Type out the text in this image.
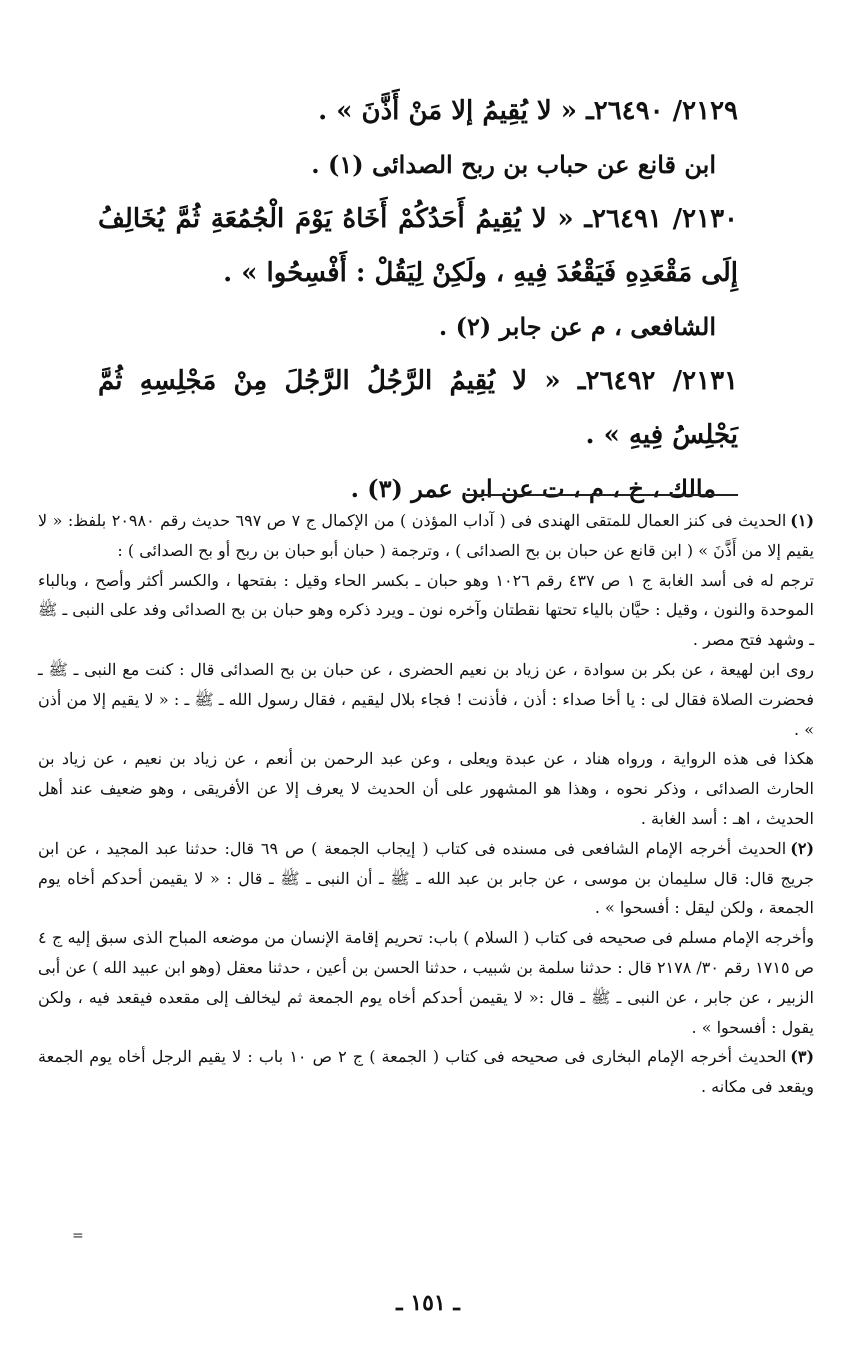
٢١٢٩/ ٢٦٤٩٠ـ « لا يُقِيمُ إلا مَنْ أَذَّنَ » .
ابن قانع عن حباب بن ربح الصدائى (١) .
٢١٣٠/ ٢٦٤٩١ـ « لا يُقِيمُ أَحَدُكُمْ أَخَاهُ يَوْمَ الْجُمُعَةِ ثُمَّ يُخَالِفُ إِلَى مَقْعَدِهِ فَيَقْعُدَ فِيهِ ، ولَكِنْ لِيَقُلْ : أَفْسِحُوا » .
الشافعى ، م عن جابر (٢) .
٢١٣١/ ٢٦٤٩٢ـ « لا يُقِيمُ الرَّجُلُ الرَّجُلَ مِنْ مَجْلِسِهِ ثُمَّ يَجْلِسُ فِيهِ » .
مالك ، خ ، م ، ت عن ابن عمر (٣) .

(١)الحديث فى كنز العمال للمتقى الهندى فى ( آداب المؤذن ) من الإكمال ج ٧ ص ٦٩٧ حديث رقم ٢٠٩٨٠ بلفظ: « لا يقيم إلا من أَذَّنَ » ( ابن قانع عن حبان بن بح الصدائى ) ، وترجمة ( حبان أبو حبان بن ربح أو بح الصدائى ) :

ترجم له فى أسد الغابة ج ١ ص ٤٣٧ رقم ١٠٢٦ وهو حبان ـ بكسر الحاء وقيل : بفتحها ، والكسر أكثر وأصح ، وبالباء الموحدة والنون ، وقيل : حيَّان بالياء تحتها نقطتان وآخره نون ـ ويرد ذكره وهو حبان بن بح الصدائى وفد على النبى ـ ﷺ ـ وشهد فتح مصر .

روى ابن لهيعة ، عن بكر بن سوادة ، عن زياد بن نعيم الحضرى ، عن حبان بن بح الصدائى قال : كنت مع النبى ـ ﷺ ـ فحضرت الصلاة فقال لى : يا أخا صداء : أذن ، فأذنت ! فجاء بلال ليقيم ، فقال رسول الله ـ ﷺ ـ : « لا يقيم إلا من أذن » .

هكذا فى هذه الرواية ، ورواه هناد ، عن عبدة ويعلى ، وعن عبد الرحمن بن أنعم ، عن زياد بن نعيم ، عن زياد بن الحارث الصدائى ، وذكر نحوه ، وهذا هو المشهور على أن الحديث لا يعرف إلا عن الأفريقى ، وهو ضعيف عند أهل الحديث ، اهـ : أسد الغابة .

(٢)الحديث أخرجه الإمام الشافعى فى مسنده فى كتاب ( إيجاب الجمعة ) ص ٦٩ قال: حدثنا عبد المجيد ، عن ابن جريج قال: قال سليمان بن موسى ، عن جابر بن عبد الله ـ ﷺ ـ أن النبى ـ ﷺ ـ قال : « لا يقيمن أحدكم أخاه يوم الجمعة ، ولكن ليقل : أفسحوا » .

وأخرجه الإمام مسلم فى صحيحه فى كتاب ( السلام ) باب: تحريم إقامة الإنسان من موضعه المباح الذى سبق إليه ج ٤ ص ١٧١٥ رقم ٣٠/ ٢١٧٨ قال : حدثنا سلمة بن شبيب ، حدثنا الحسن بن أعين ، حدثنا معقل (وهو ابن عبيد الله ) عن أبى الزبير ، عن جابر ، عن النبى ـ ﷺ ـ قال :« لا يقيمن أحدكم أخاه يوم الجمعة ثم ليخالف إلى مقعده فيقعد فيه ، ولكن يقول : أفسحوا » .

(٣)الحديث أخرجه الإمام البخارى فى صحيحه فى كتاب ( الجمعة ) ج ٢ ص ١٠ باب : لا يقيم الرجل أخاه يوم الجمعة ويقعد فى مكانه .

=
ـ ١٥١ ـ
